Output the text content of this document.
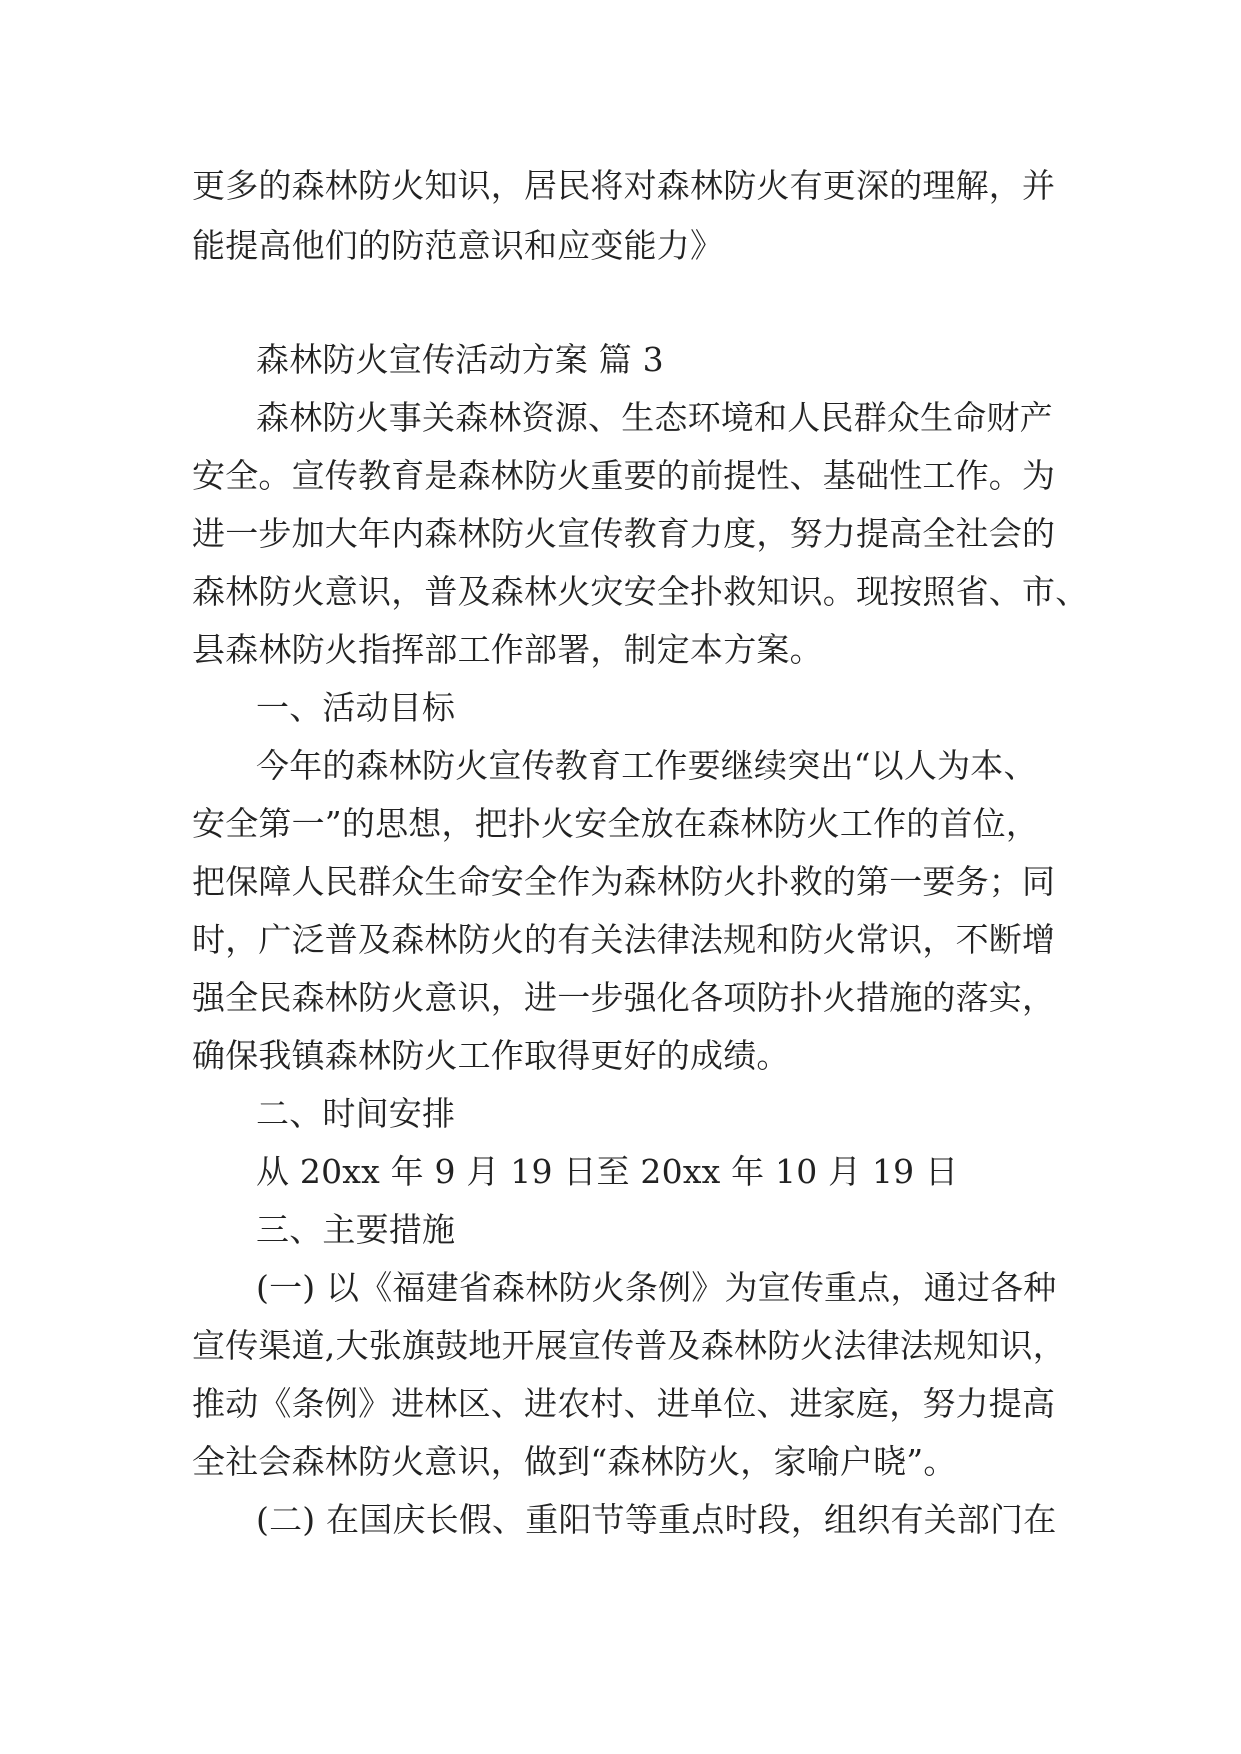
更多的森林防火知识，居民将对森林防火有更深的理解，并
能提高他们的防范意识和应变能力》
森林防火宣传活动方案 篇 3
森林防火事关森林资源、生态环境和人民群众生命财产
安全。宣传教育是森林防火重要的前提性、基础性工作。为
进一步加大年内森林防火宣传教育力度，努力提高全社会的
森林防火意识，普及森林火灾安全扑救知识。现按照省、市、
县森林防火指挥部工作部署，制定本方案。
一、活动目标
今年的森林防火宣传教育工作要继续突出“以人为本、
安全第一”的思想，把扑火安全放在森林防火工作的首位，
把保障人民群众生命安全作为森林防火扑救的第一要务；同
时，广泛普及森林防火的有关法律法规和防火常识，不断增
强全民森林防火意识，进一步强化各项防扑火措施的落实，
确保我镇森林防火工作取得更好的成绩。
二、时间安排
从 20xx 年 9 月 19 日至 20xx 年 10 月 19 日
三、主要措施
(一) 以《福建省森林防火条例》为宣传重点，通过各种
宣传渠道,大张旗鼓地开展宣传普及森林防火法律法规知识，
推动《条例》进林区、进农村、进单位、进家庭，努力提高
全社会森林防火意识，做到“森林防火，家喻户晓”。
(二) 在国庆长假、重阳节等重点时段，组织有关部门在
